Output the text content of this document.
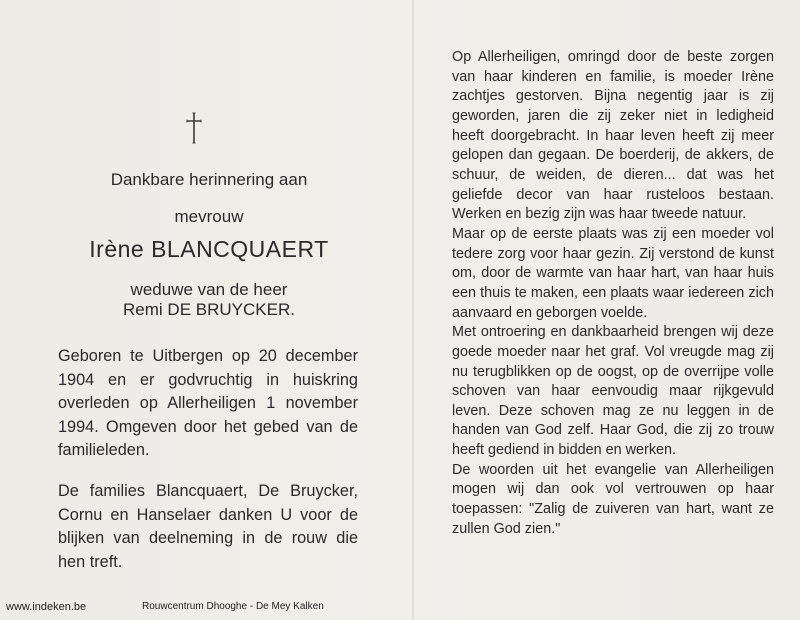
Dankbare herinnering aan
mevrouw
Irène BLANCQUAERT
weduwe van de heer
Remi DE BRUYCKER.
Geboren te Uitbergen op 20 december 1904 en er godvruchtig in huiskring overleden op Allerheiligen 1 november 1994. Omgeven door het gebed van de familieleden.
De families Blancquaert, De Bruycker, Cornu en Hanselaer danken U voor de blijken van deelneming in de rouw die hen treft.

Op Allerheiligen, omringd door de beste zorgen van haar kinderen en familie, is moeder Irène zachtjes gestorven. Bijna negentig jaar is zij geworden, jaren die zij zeker niet in ledigheid heeft doorgebracht. In haar leven heeft zij meer gelopen dan gegaan. De boerderij, de akkers, de schuur, de weiden, de dieren... dat was het geliefde decor van haar rusteloos bestaan. Werken en bezig zijn was haar tweede natuur.

Maar op de eerste plaats was zij een moeder vol tedere zorg voor haar gezin. Zij verstond de kunst om, door de warmte van haar hart, van haar huis een thuis te maken, een plaats waar iedereen zich aanvaard en geborgen voelde.

Met ontroering en dankbaarheid brengen wij deze goede moeder naar het graf. Vol vreugde mag zij nu terugblikken op de oogst, op de overrijpe volle schoven van haar eenvoudig maar rijkgevuld leven. Deze schoven mag ze nu leggen in de handen van God zelf. Haar God, die zij zo trouw heeft gediend in bidden en werken.

De woorden uit het evangelie van Allerheiligen mogen wij dan ook vol vertrouwen op haar toepassen: "Zalig de zuiveren van hart, want ze zullen God zien."

www.indeken.be	Rouwcentrum Dhooghe - De Mey Kalken
